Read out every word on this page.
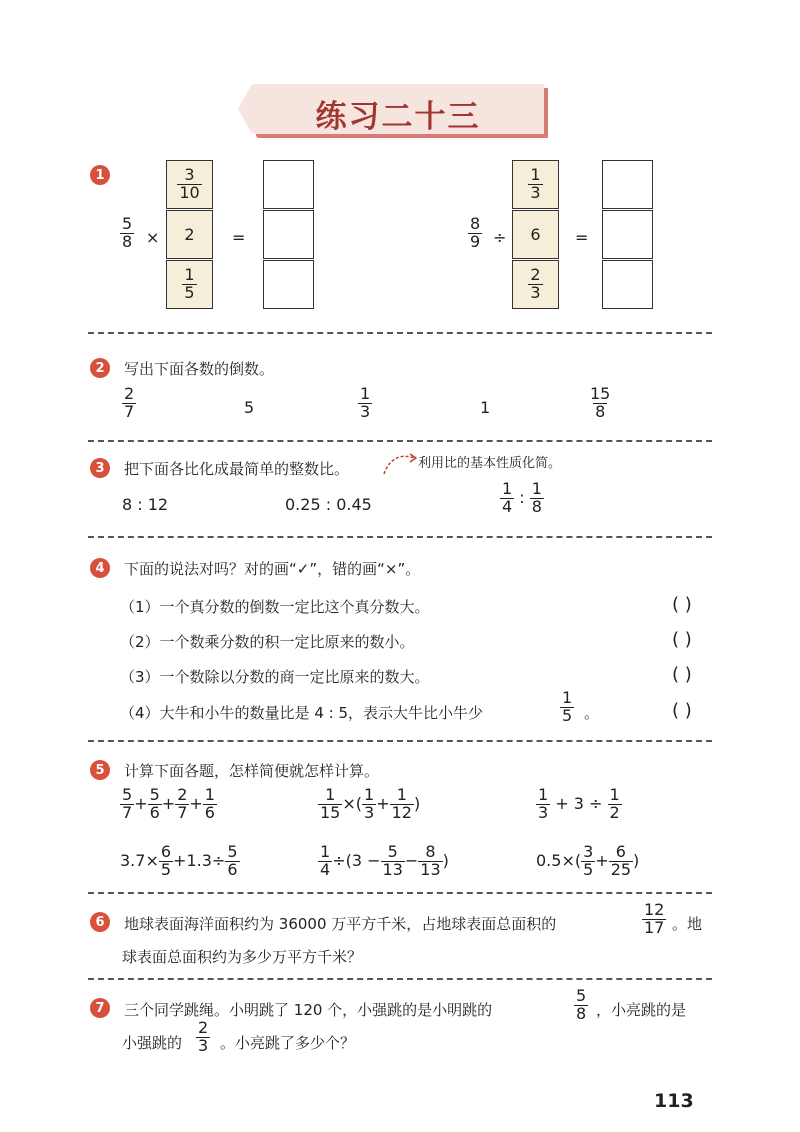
练习二十三
1
$\frac{5}{8}$ ×
$\frac{3}{10}$
2
$\frac{1}{5}$
=	$\frac{8}{9}$ ÷
$\frac{1}{3}$
6
$\frac{2}{3}$
=
2	写出下面各数的倒数。
$\frac{2}{7}$	5	$\frac{1}{3}$	1	$\frac{15}{8}$
3	把下面各比化成最简单的整数比。	利用比的基本性质化简。
8 : 12	0.25 : 0.45	$\frac{1}{4}$ : $\frac{1}{8}$
4	下面的说法对吗？对的画“✓”，错的画“×”。
（1）一个真分数的倒数一定比这个真分数大。	( )
（2）一个数乘分数的积一定比原来的数小。	( )
（3）一个数除以分数的商一定比原来的数大。	( )
（4）大牛和小牛的数量比是 4 : 5，表示大牛比小牛少	$\frac{1}{5}$ 。	( )
5	计算下面各题，怎样简便就怎样计算。
$\frac{5}{7} + \frac{5}{6} + \frac{2}{7} + \frac{1}{6}$	$\frac{1}{15}$ ×( $\frac{1}{3} + \frac{1}{12}$ )	$\frac{1}{3} + 3 \div \frac{1}{2}$
$3.7\times \frac{6}{5} +1.3\div \frac{5}{6}$	$\frac{1}{4} \div(3 - \frac{5}{13} - \frac{8}{13}$ )	$0.5\times( \frac{3}{5} + \frac{6}{25}$ )
6	地球表面海洋面积约为 36000 万平方千米，占地球表面总面积的	$\frac{12}{17}$ 。地
球表面总面积约为多少万平方千米？
7	三个同学跳绳。小明跳了 120 个，小强跳的是小明跳的	$\frac{5}{8}$ ，小亮跳的是
小强跳的 $\frac{2}{3}$ 。小亮跳了多少个？
113
